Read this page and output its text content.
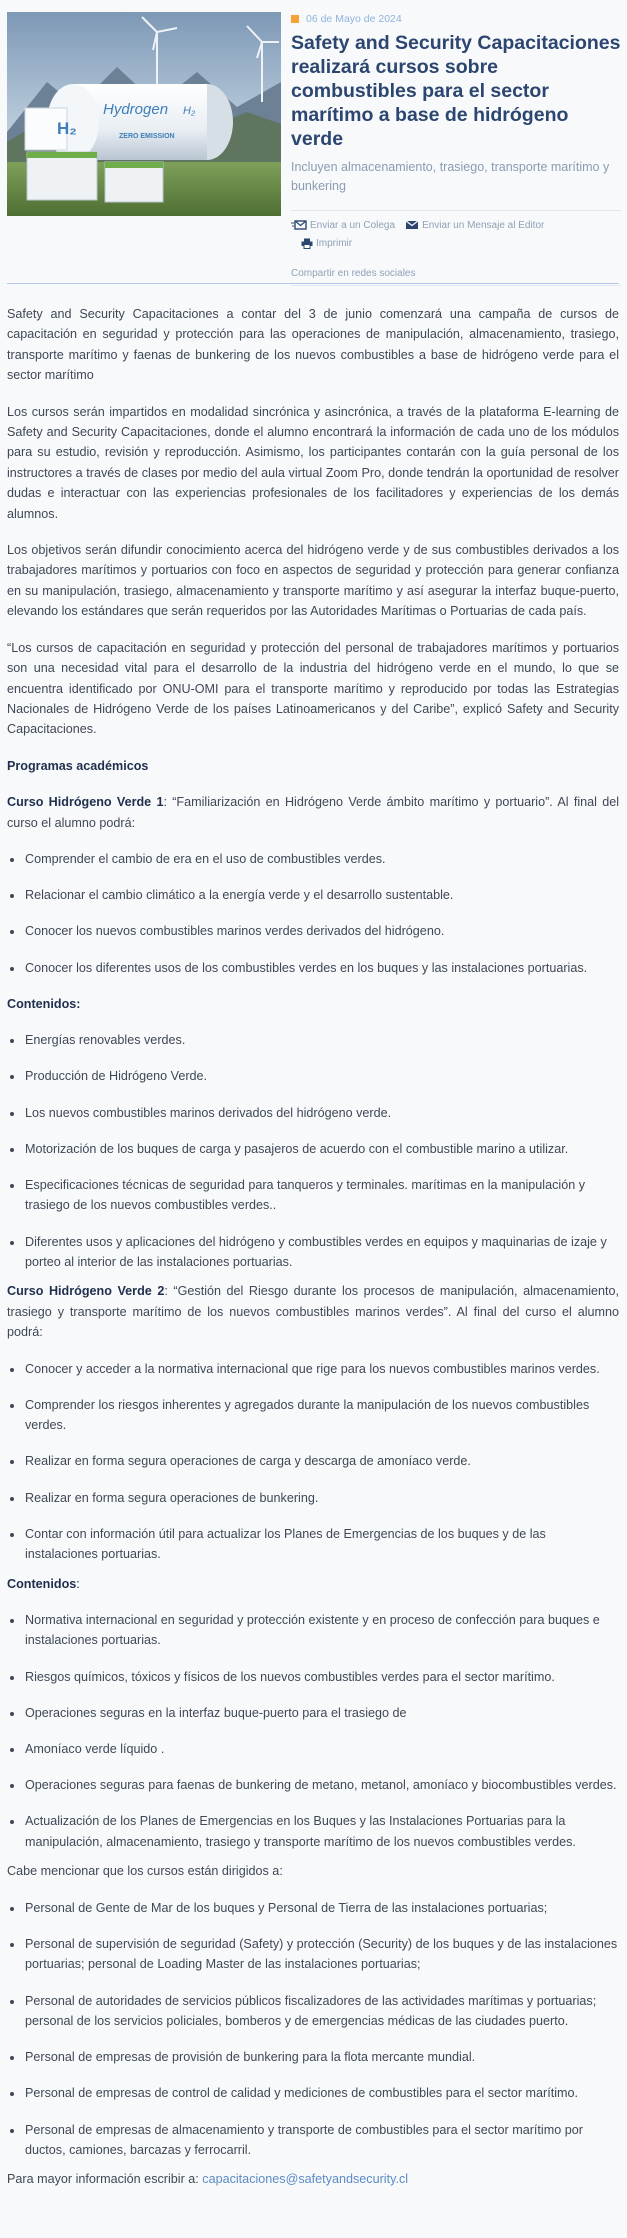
Hydrogen H₂
ZERO EMISSION
H₂
06 de Mayo de 2024
Safety and Security Capacitaciones realizará cursos sobre combustibles para el sector marítimo a base de hidrógeno verde
Incluyen almacenamiento, trasiego, transporte marítimo y bunkering
Enviar a un Colega	Enviar un Mensaje al Editor
Imprimir
Compartir en redes sociales

Safety and Security Capacitaciones a contar del 3 de junio comenzará una campaña de cursos de capacitación en seguridad y protección para las operaciones de manipulación, almacenamiento, trasiego, transporte marítimo y faenas de bunkering de los nuevos combustibles a base de hidrógeno verde para el sector marítimo

Los cursos serán impartidos en modalidad sincrónica y asincrónica, a través de la plataforma E-learning de Safety and Security Capacitaciones, donde el alumno encontrará la información de cada uno de los módulos para su estudio, revisión y reproducción. Asimismo, los participantes contarán con la guía personal de los instructores a través de clases por medio del aula virtual Zoom Pro, donde tendrán la oportunidad de resolver dudas e interactuar con las experiencias profesionales de los facilitadores y experiencias de los demás alumnos.

Los objetivos serán difundir conocimiento acerca del hidrógeno verde y de sus combustibles derivados a los trabajadores marítimos y portuarios con foco en aspectos de seguridad y protección para generar confianza en su manipulación, trasiego, almacenamiento y transporte marítimo y así asegurar la interfaz buque-puerto, elevando los estándares que serán requeridos por las Autoridades Marítimas o Portuarias de cada país.

“Los cursos de capacitación en seguridad y protección del personal de trabajadores marítimos y portuarios son una necesidad vital para el desarrollo de la industria del hidrógeno verde en el mundo, lo que se encuentra identificado por ONU-OMI para el transporte marítimo y reproducido por todas las Estrategias Nacionales de Hidrógeno Verde de los países Latinoamericanos y del Caribe”, explicó Safety and Security Capacitaciones.

Programas académicos

Curso Hidrógeno Verde 1: “Familiarización en Hidrógeno Verde ámbito marítimo y portuario”. Al final del curso el alumno podrá:

• Comprender el cambio de era en el uso de combustibles verdes.
• Relacionar el cambio climático a la energía verde y el desarrollo sustentable.
• Conocer los nuevos combustibles marinos verdes derivados del hidrógeno.
• Conocer los diferentes usos de los combustibles verdes en los buques y las instalaciones portuarias.
Contenidos:
• Energías renovables verdes.
• Producción de Hidrógeno Verde.
• Los nuevos combustibles marinos derivados del hidrógeno verde.
• Motorización de los buques de carga y pasajeros de acuerdo con el combustible marino a utilizar.
• Especificaciones técnicas de seguridad para tanqueros y terminales. marítimas en la manipulación y trasiego de los nuevos combustibles verdes..
• Diferentes usos y aplicaciones del hidrógeno y combustibles verdes en equipos y maquinarias de izaje y porteo al interior de las instalaciones portuarias.

Curso Hidrógeno Verde 2: “Gestión del Riesgo durante los procesos de manipulación, almacenamiento, trasiego y transporte marítimo de los nuevos combustibles marinos verdes”. Al final del curso el alumno podrá:

• Conocer y acceder a la normativa internacional que rige para los nuevos combustibles marinos verdes.
• Comprender los riesgos inherentes y agregados durante la manipulación de los nuevos combustibles verdes.
• Realizar en forma segura operaciones de carga y descarga de amoníaco verde.
• Realizar en forma segura operaciones de bunkering.
• Contar con información útil para actualizar los Planes de Emergencias de los buques y de las instalaciones portuarias.
Contenidos:
• Normativa internacional en seguridad y protección existente y en proceso de confección para buques e instalaciones portuarias.
• Riesgos químicos, tóxicos y físicos de los nuevos combustibles verdes para el sector marítimo.
• Operaciones seguras en la interfaz buque-puerto para el trasiego de
• Amoníaco verde líquido .
• Operaciones seguras para faenas de bunkering de metano, metanol, amoníaco y biocombustibles verdes.
• Actualización de los Planes de Emergencias en los Buques y las Instalaciones Portuarias para la manipulación, almacenamiento, trasiego y transporte marítimo de los nuevos combustibles verdes.

Cabe mencionar que los cursos están dirigidos a:

• Personal de Gente de Mar de los buques y Personal de Tierra de las instalaciones portuarias;
• Personal de supervisión de seguridad (Safety) y protección (Security) de los buques y de las instalaciones portuarias; personal de Loading Master de las instalaciones portuarias;
• Personal de autoridades de servicios públicos fiscalizadores de las actividades marítimas y portuarias; personal de los servicios policiales, bomberos y de emergencias médicas de las ciudades puerto.
• Personal de empresas de provisión de bunkering para la flota mercante mundial.
• Personal de empresas de control de calidad y mediciones de combustibles para el sector marítimo.
• Personal de empresas de almacenamiento y transporte de combustibles para el sector marítimo por ductos, camiones, barcazas y ferrocarril.

Para mayor información escribir a: capacitaciones@safetyandsecurity.cl
